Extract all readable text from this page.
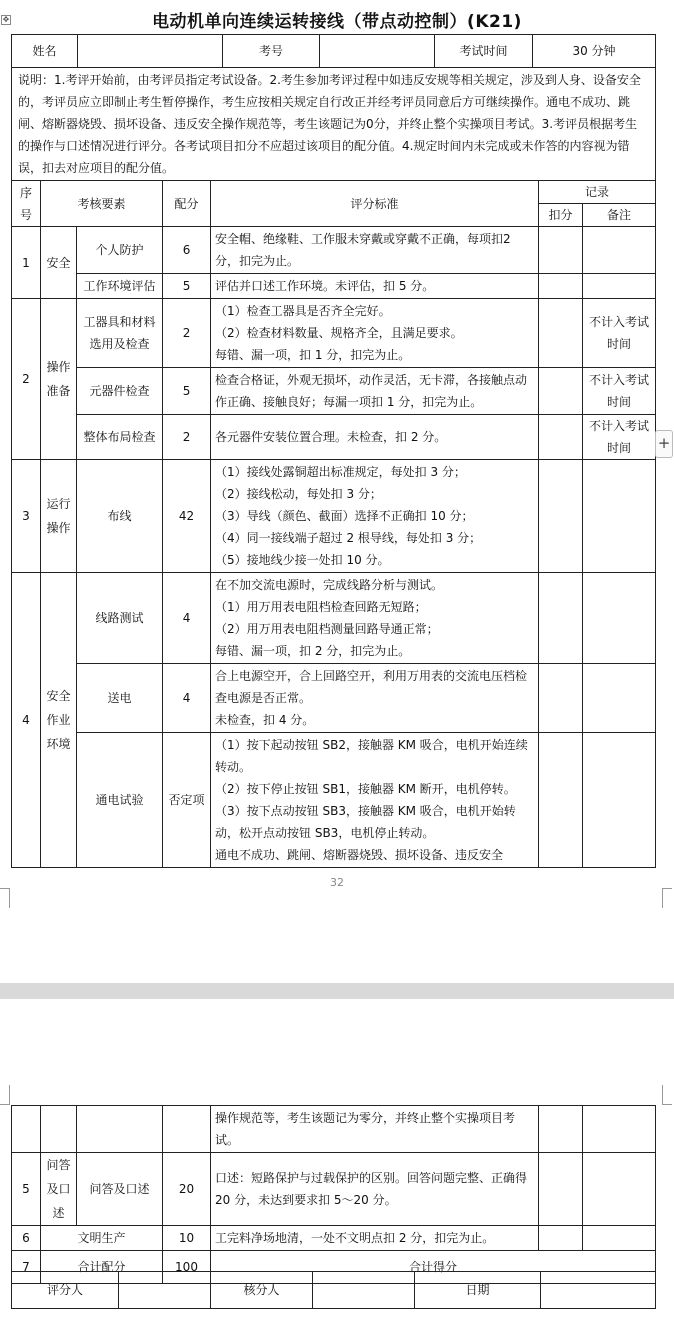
✥	电动机单向连续运转接线（带点动控制）(K21)
姓名		考号		考试时间	30 分钟
说明：1.考评开始前，由考评员指定考试设备。2.考生参加考评过程中如违反安规等相关规定，涉及到人身、设备安全的，考评员应立即制止考生暂停操作，考生应按相关规定自行改正并经考评员同意后方可继续操作。通电不成功、跳闸、熔断器烧毁、损坏设备、违反安全操作规范等，考生该题记为0分，并终止整个实操项目考试。3.考评员根据考生的操作与口述情况进行评分。各考试项目扣分不应超过该项目的配分值。4.规定时间内未完成或未作答的内容视为错误，扣去对应项目的配分值。
序号	考核要素		配分	评分标准	记录	
					扣分	备注
1	安全	个人防护	6	安全帽、绝缘鞋、工作服未穿戴或穿戴不正确，每项扣2 分，扣完为止。		
		工作环境评估	5	评估并口述工作环境。未评估，扣 5 分。		
2	操作准备	工器具和材料选用及检查	2	（1）检查工器具是否齐全完好。
（2）检查材料数量、规格齐全，且满足要求。
每错、漏一项，扣 1 分，扣完为止。		不计入考试时间
		元器件检查	5	检查合格证，外观无损坏，动作灵活，无卡滞，各接触点动作正确、接触良好；每漏一项扣 1 分，扣完为止。		不计入考试时间
		整体布局检查	2	各元器件安装位置合理。未检查，扣 2 分。		不计入考试时间
3	运行操作	布线	42	（1）接线处露铜超出标准规定，每处扣 3 分；
（2）接线松动，每处扣 3 分；
（3）导线（颜色、截面）选择不正确扣 10 分；
（4）同一接线端子超过 2 根导线，每处扣 3 分；
（5）接地线少接一处扣 10 分。		

4	安全作业环境	线路测试	4	在不加交流电源时，完成线路分析与测试。
（1）用万用表电阻档检查回路无短路；
（2）用万用表电阻档测量回路导通正常；
每错、漏一项，扣 2 分，扣完为止。		

		送电	4	合上电源空开，合上回路空开，利用万用表的交流电压档检查电源是否正常。
未检查，扣 4 分。		

		通电试验	否定项	（1）按下起动按钮 SB2，接触器 KM 吸合，电机开始连续转动。
（2）按下停止按钮 SB1，接触器 KM 断开，电机停转。
（3）按下点动按钮 SB3，接触器 KM 吸合，电机开始转动，松开点动按钮 SB3，电机停止转动。
通电不成功、跳闸、熔断器烧毁、损坏设备、违反安全		

+
32
				操作规范等，考生该题记为零分，并终止整个实操项目考试。		
5	问答及口述	问答及口述	20	口述：短路保护与过载保护的区别。回答问题完整、正确得 20 分，未达到要求扣 5～20 分。		
6	文明生产		10	工完料净场地清，一处不文明点扣 2 分，扣完为止。		
7	合计配分		100	合计得分		
评分人		核分人		日期	
